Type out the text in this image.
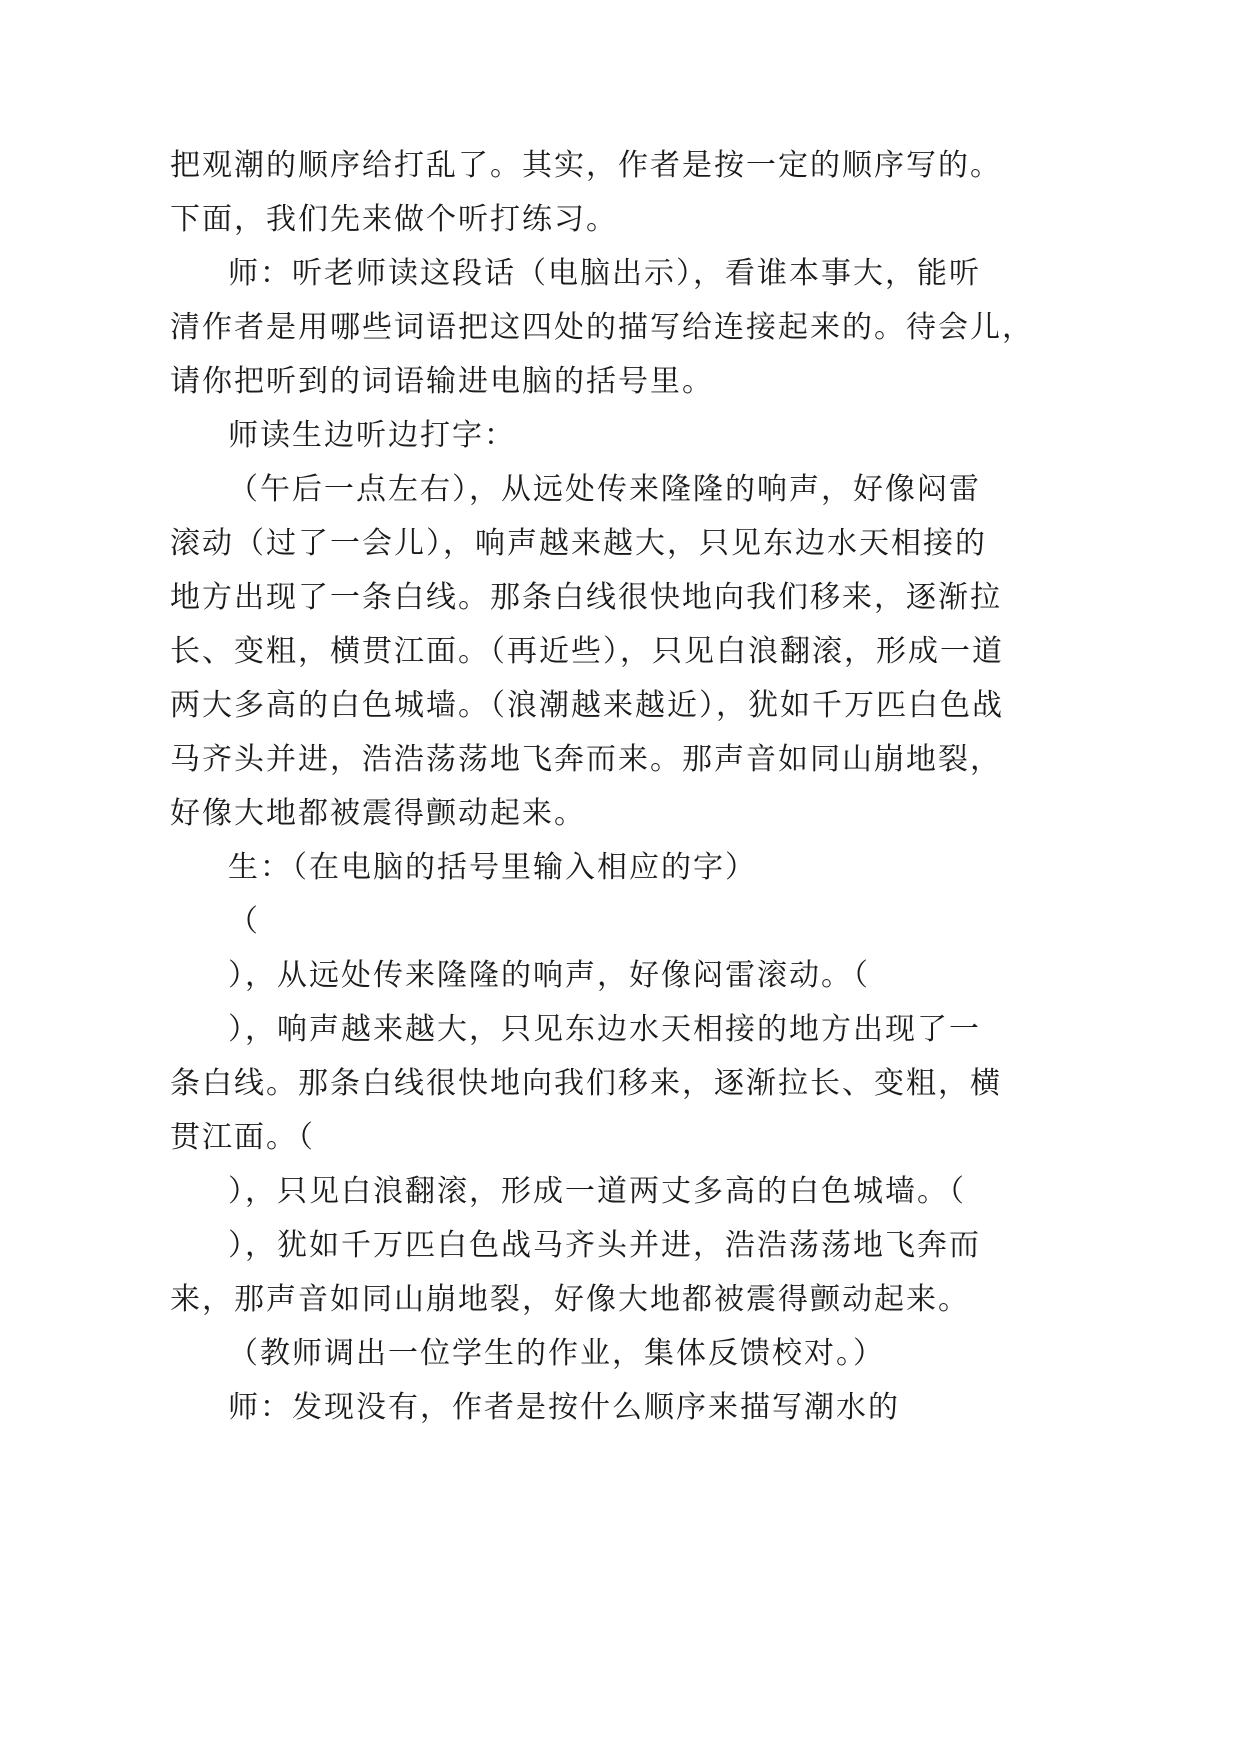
把观潮的顺序给打乱了。其实，作者是按一定的顺序写的。
下面，我们先来做个听打练习。
师：听老师读这段话（电脑出示），看谁本事大，能听
清作者是用哪些词语把这四处的描写给连接起来的。待会儿，
请你把听到的词语输进电脑的括号里。
师读生边听边打字：
（午后一点左右），从远处传来隆隆的响声，好像闷雷
滚动（过了一会儿），响声越来越大，只见东边水天相接的
地方出现了一条白线。那条白线很快地向我们移来，逐渐拉
长、变粗，横贯江面。（再近些），只见白浪翻滚，形成一道
两大多高的白色城墙。（浪潮越来越近），犹如千万匹白色战
马齐头并进，浩浩荡荡地飞奔而来。那声音如同山崩地裂，
好像大地都被震得颤动起来。
生：（在电脑的括号里输入相应的字）
（
），从远处传来隆隆的响声，好像闷雷滚动。（
），响声越来越大，只见东边水天相接的地方出现了一
条白线。那条白线很快地向我们移来，逐渐拉长、变粗，横
贯江面。（
），只见白浪翻滚，形成一道两丈多高的白色城墙。（
），犹如千万匹白色战马齐头并进，浩浩荡荡地飞奔而
来，那声音如同山崩地裂，好像大地都被震得颤动起来。
（教师调出一位学生的作业，集体反馈校对。）
师：发现没有，作者是按什么顺序来描写潮水的
